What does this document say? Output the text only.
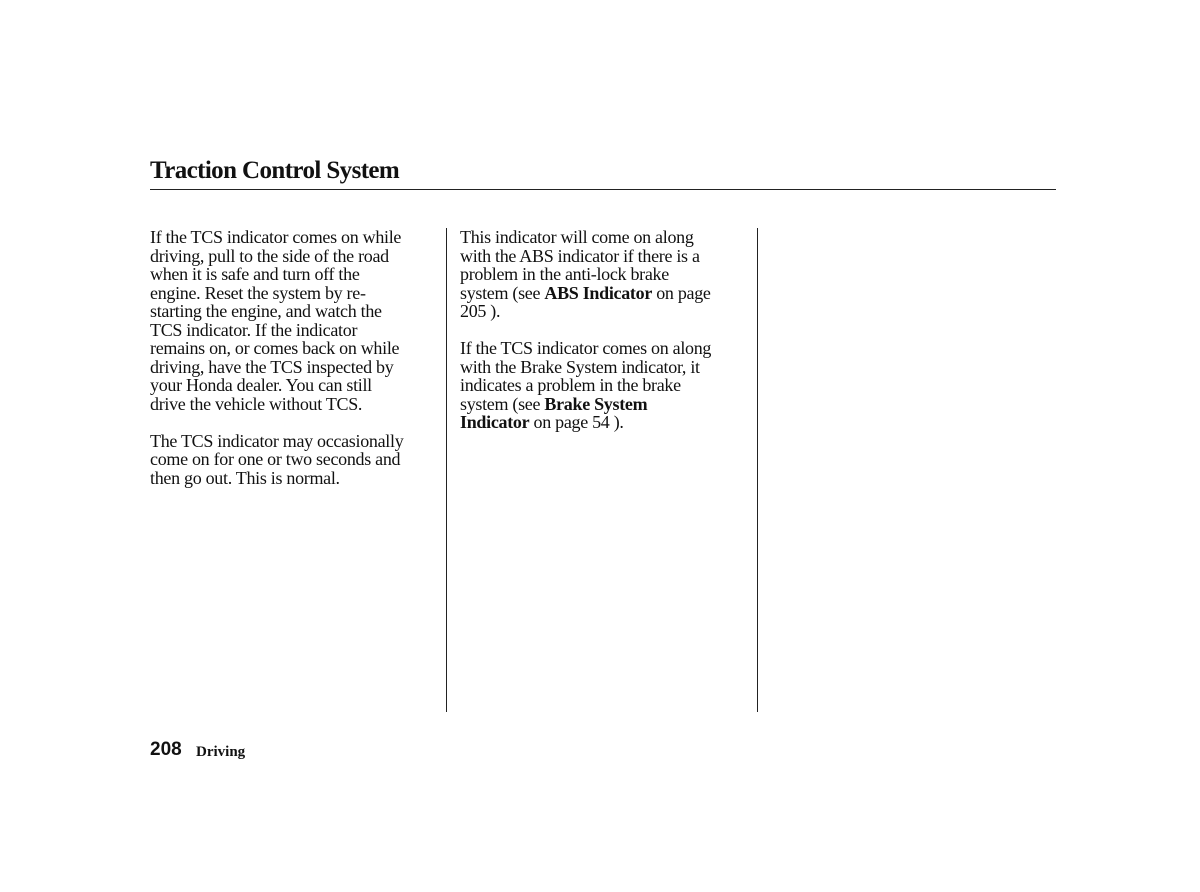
Traction Control System

If the TCS indicator comes on while
driving, pull to the side of the road
when it is safe and turn off the
engine. Reset the system by re-
starting the engine, and watch the
TCS indicator. If the indicator
remains on, or comes back on while
driving, have the TCS inspected by
your Honda dealer. You can still
drive the vehicle without TCS.

The TCS indicator may occasionally
come on for one or two seconds and
then go out. This is normal.

This indicator will come on along
with the ABS indicator if there is a
problem in the anti-lock brake
system (see ABS Indicator on page
205 ).

If the TCS indicator comes on along
with the Brake System indicator, it
indicates a problem in the brake
system (see Brake System
Indicator on page 54 ).

208 Driving
